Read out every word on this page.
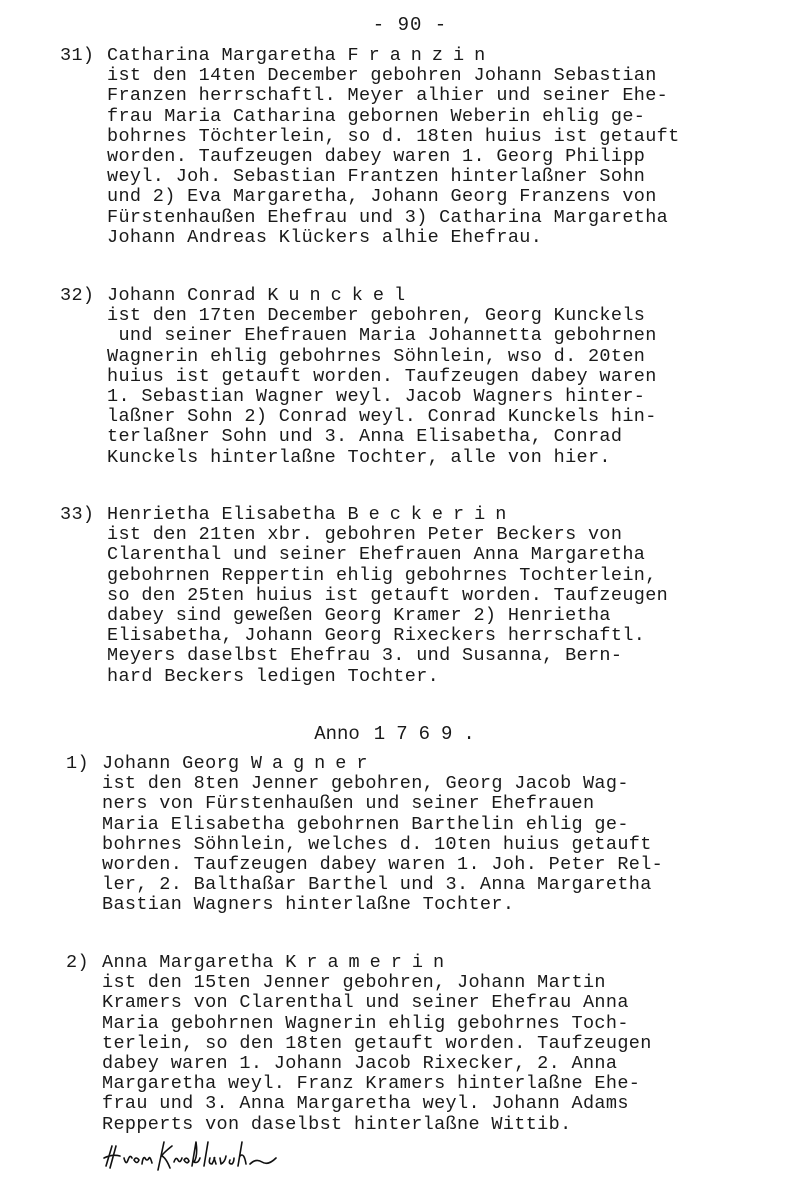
- 90 -
31) Catharina Margaretha Franzin
ist den 14ten December gebohren Johann Sebastian
Franzen herrschaftl. Meyer alhier und seiner Ehe-
frau Maria Catharina gebornen Weberin ehlig ge-
bohrnes Töchterlein, so d. 18ten huius ist getauft
worden. Taufzeugen dabey waren 1. Georg Philipp
weyl. Joh. Sebastian Frantzen hinterlaßner Sohn
und 2) Eva Margaretha, Johann Georg Franzens von
Fürstenhaußen Ehefrau und 3) Catharina Margaretha
Johann Andreas Klückers alhie Ehefrau.
32) Johann Conrad Kunckel
ist den 17ten December gebohren, Georg Kunckels
und seiner Ehefrauen Maria Johannetta gebohrnen
Wagnerin ehlig gebohrnes Söhnlein, wso d. 20ten
huius ist getauft worden. Taufzeugen dabey waren
1. Sebastian Wagner weyl. Jacob Wagners hinter-
laßner Sohn 2) Conrad weyl. Conrad Kunckels hin-
terlaßner Sohn und 3. Anna Elisabetha, Conrad
Kunckels hinterlaßne Tochter, alle von hier.
33) Henrietha Elisabetha Beckerin
ist den 21ten xbr. gebohren Peter Beckers von
Clarenthal und seiner Ehefrauen Anna Margaretha
gebohrnen Reppertin ehlig gebohrnes Tochterlein,
so den 25ten huius ist getauft worden. Taufzeugen
dabey sind geweßen Georg Kramer 2) Henrietha
Elisabetha, Johann Georg Rixeckers herrschaftl.
Meyers daselbst Ehefrau 3. und Susanna, Bern-
hard Beckers ledigen Tochter.
Anno 1769.
1) Johann Georg Wagner
ist den 8ten Jenner gebohren, Georg Jacob Wag-
ners von Fürstenhaußen und seiner Ehefrauen
Maria Elisabetha gebohrnen Barthelin ehlig ge-
bohrnes Söhnlein, welches d. 10ten huius getauft
worden. Taufzeugen dabey waren 1. Joh. Peter Rel-
ler, 2. Balthaßar Barthel und 3. Anna Margaretha
Bastian Wagners hinterlaßne Tochter.
2) Anna Margaretha Kramerin
ist den 15ten Jenner gebohren, Johann Martin
Kramers von Clarenthal und seiner Ehefrau Anna
Maria gebohrnen Wagnerin ehlig gebohrnes Toch-
terlein, so den 18ten getauft worden. Taufzeugen
dabey waren 1. Johann Jacob Rixecker, 2. Anna
Margaretha weyl. Franz Kramers hinterlaßne Ehe-
frau und 3. Anna Margaretha weyl. Johann Adams
Repperts von daselbst hinterlaßne Wittib.
